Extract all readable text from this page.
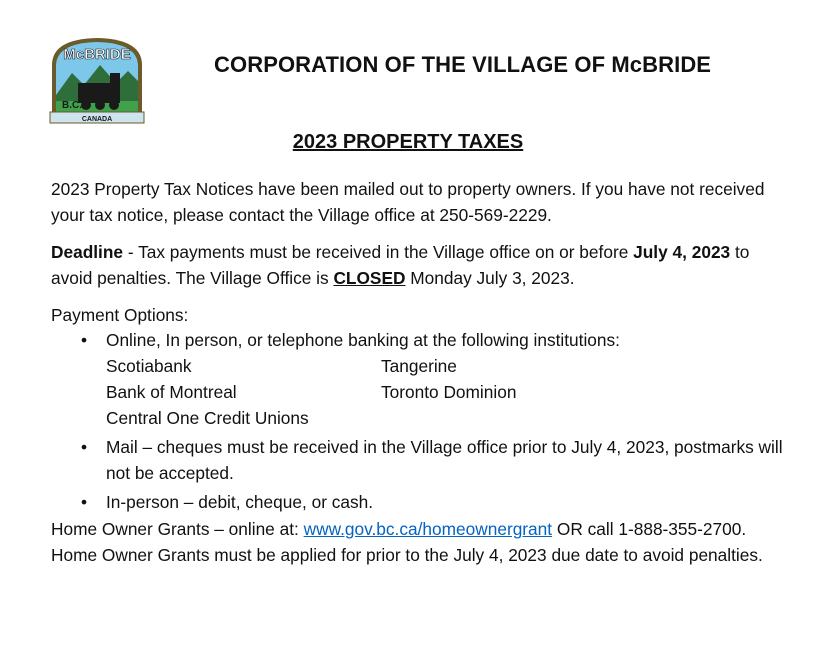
McBRIDE
B.C.
CANADA
CORPORATION OF THE VILLAGE OF McBRIDE
2023 PROPERTY TAXES
2023 Property Tax Notices have been mailed out to property owners. If you have not received your tax notice, please contact the Village office at 250-569-2229.
Deadline - Tax payments must be received in the Village office on or before July 4, 2023 to avoid penalties. The Village Office is CLOSED Monday July 3, 2023.
Payment Options:
• Online, In person, or telephone banking at the following institutions:
Scotiabank	Tangerine
Bank of Montreal	Toronto Dominion
Central One Credit Unions
• Mail – cheques must be received in the Village office prior to July 4, 2023, postmarks will not be accepted.
• In-person – debit, cheque, or cash.
Home Owner Grants – online at: www.gov.bc.ca/homeownergrant OR call 1-888-355-2700. Home Owner Grants must be applied for prior to the July 4, 2023 due date to avoid penalties.
